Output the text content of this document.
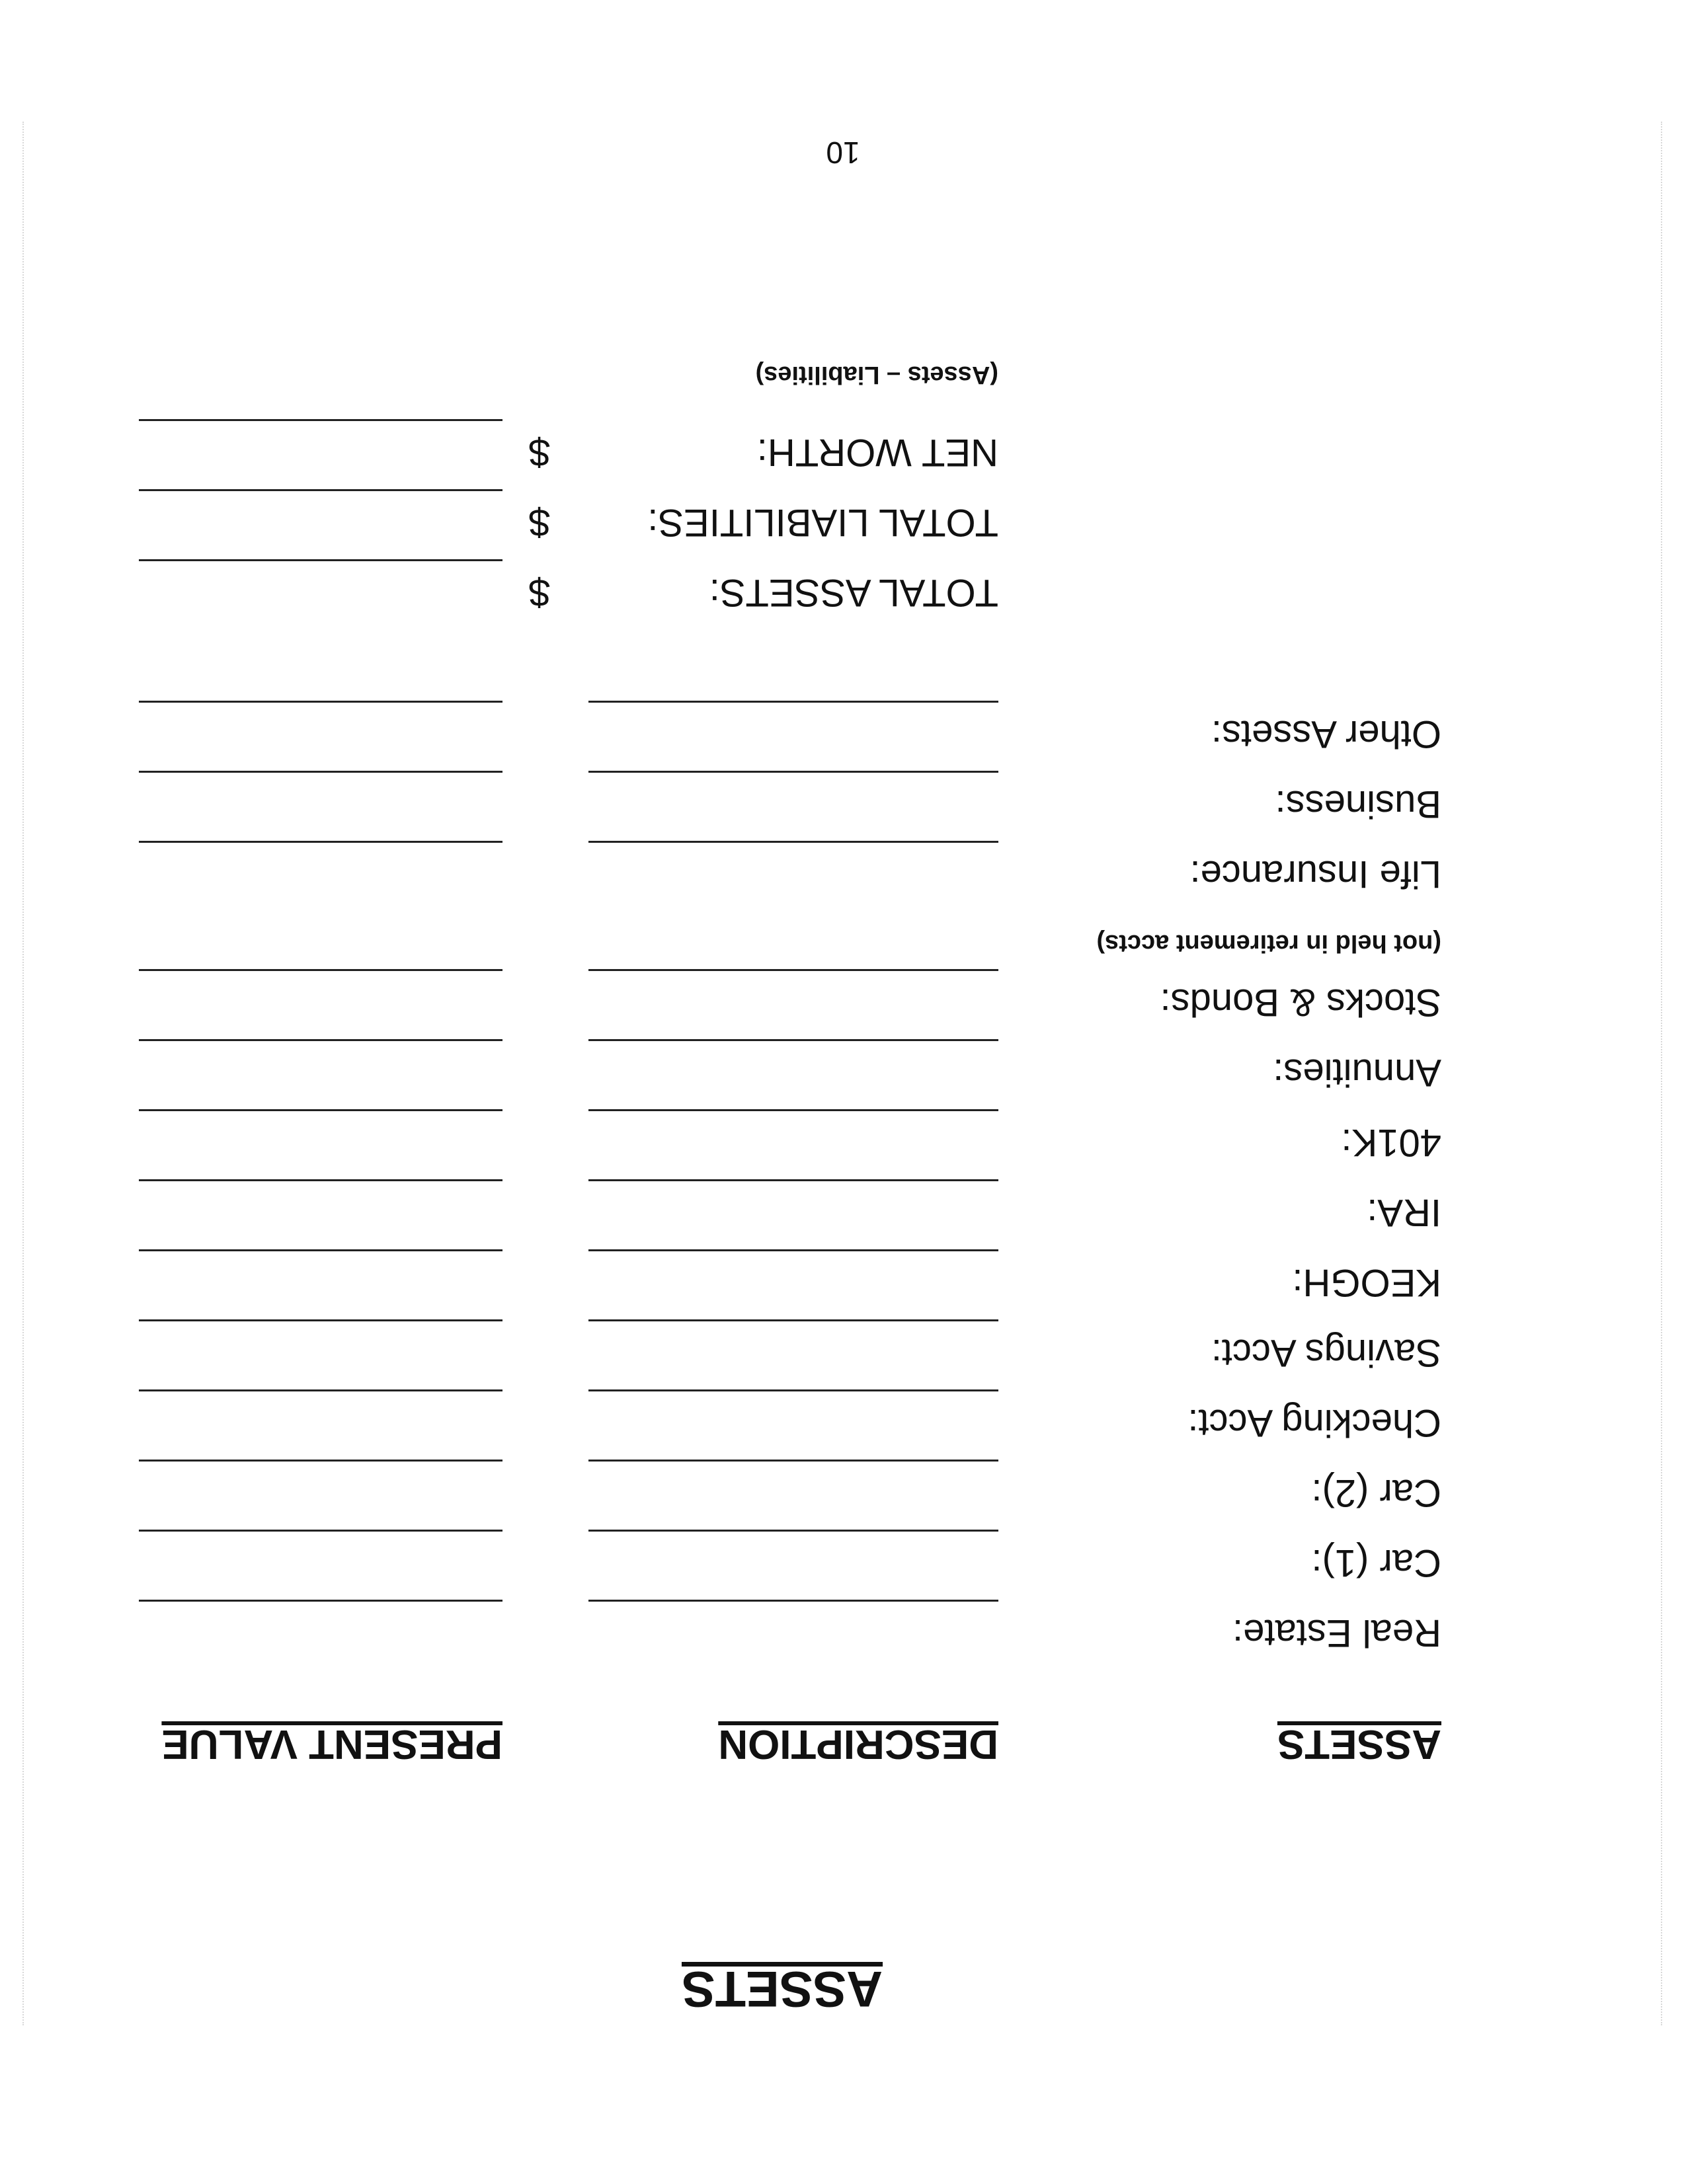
ASSETS
ASSETS
DESCRIPTION
PRESENT VALUE
Real Estate:
Car (1):
Car (2):
Checking Acct:
Savings Acct:
KEOGH:
IRA:
401K:
Annuities:
Stocks & Bonds:
(not held in retirement accts)
Life Insurance:
Business:
Other Assets:
TOTAL ASSETS:
$
TOTAL LIABILITIES:
$
NET WORTH:
$
(Assets – Liabilities)
10
